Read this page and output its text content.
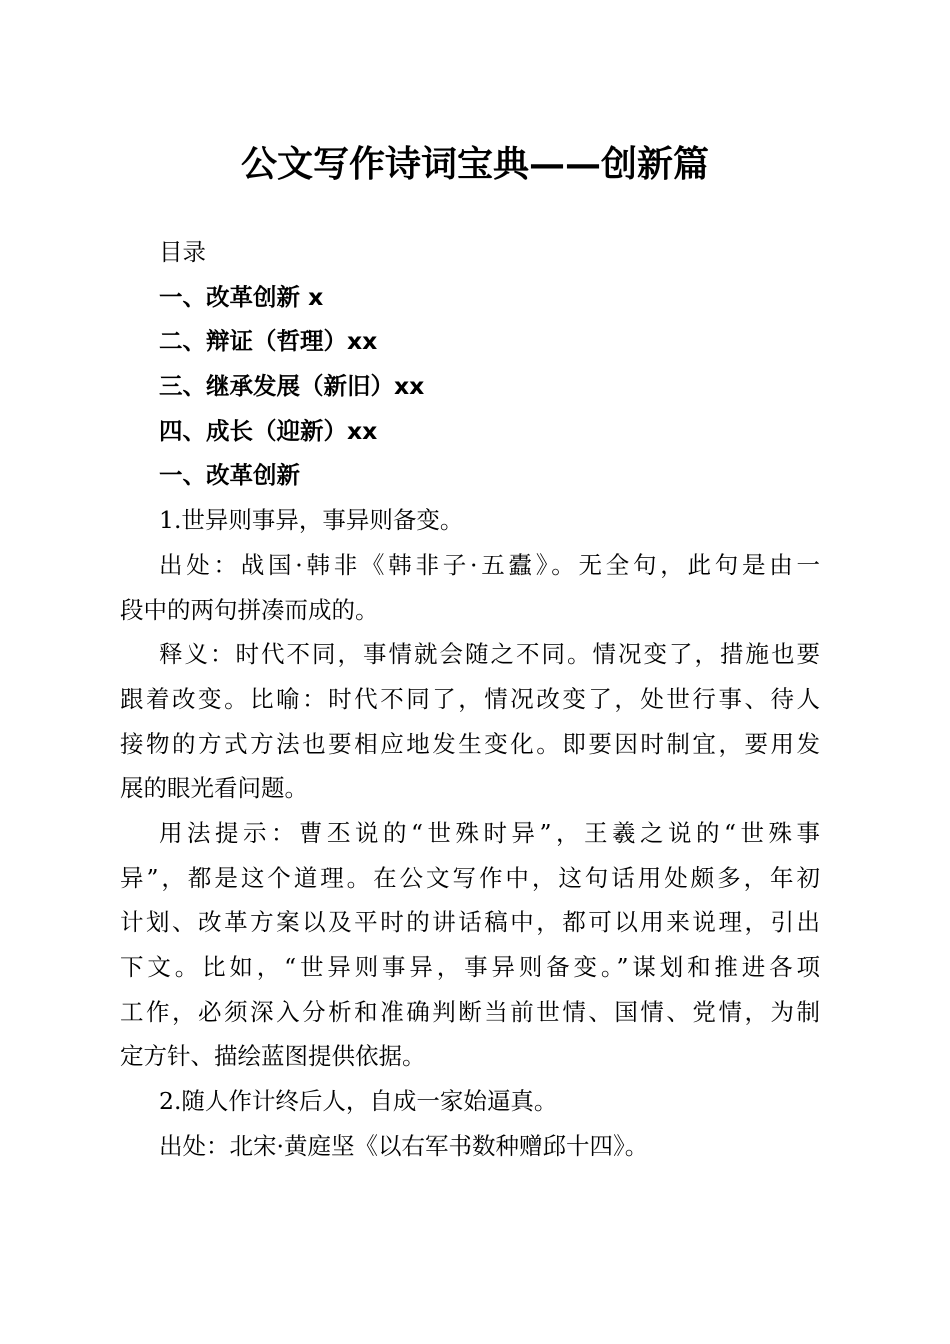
公文写作诗词宝典——创新篇
目录
一、改革创新 x
二、辩证（哲理）xx
三、继承发展（新旧）xx
四、成长（迎新）xx
一、改革创新
1.世异则事异，事异则备变。
出处：战国·韩非《韩非子·五蠹》。无全句，此句是由一
段中的两句拼凑而成的。
释义：时代不同，事情就会随之不同。情况变了，措施也要
跟着改变。比喻：时代不同了，情况改变了，处世行事、待人
接物的方式方法也要相应地发生变化。即要因时制宜，要用发
展的眼光看问题。
用法提示：曹丕说的“世殊时异”，王羲之说的“世殊事
异”，都是这个道理。在公文写作中，这句话用处颇多，年初
计划、改革方案以及平时的讲话稿中，都可以用来说理，引出
下文。比如，“世异则事异，事异则备变。”谋划和推进各项
工作，必须深入分析和准确判断当前世情、国情、党情，为制
定方针、描绘蓝图提供依据。
2.随人作计终后人，自成一家始逼真。
出处：北宋·黄庭坚《以右军书数种赠邱十四》。
